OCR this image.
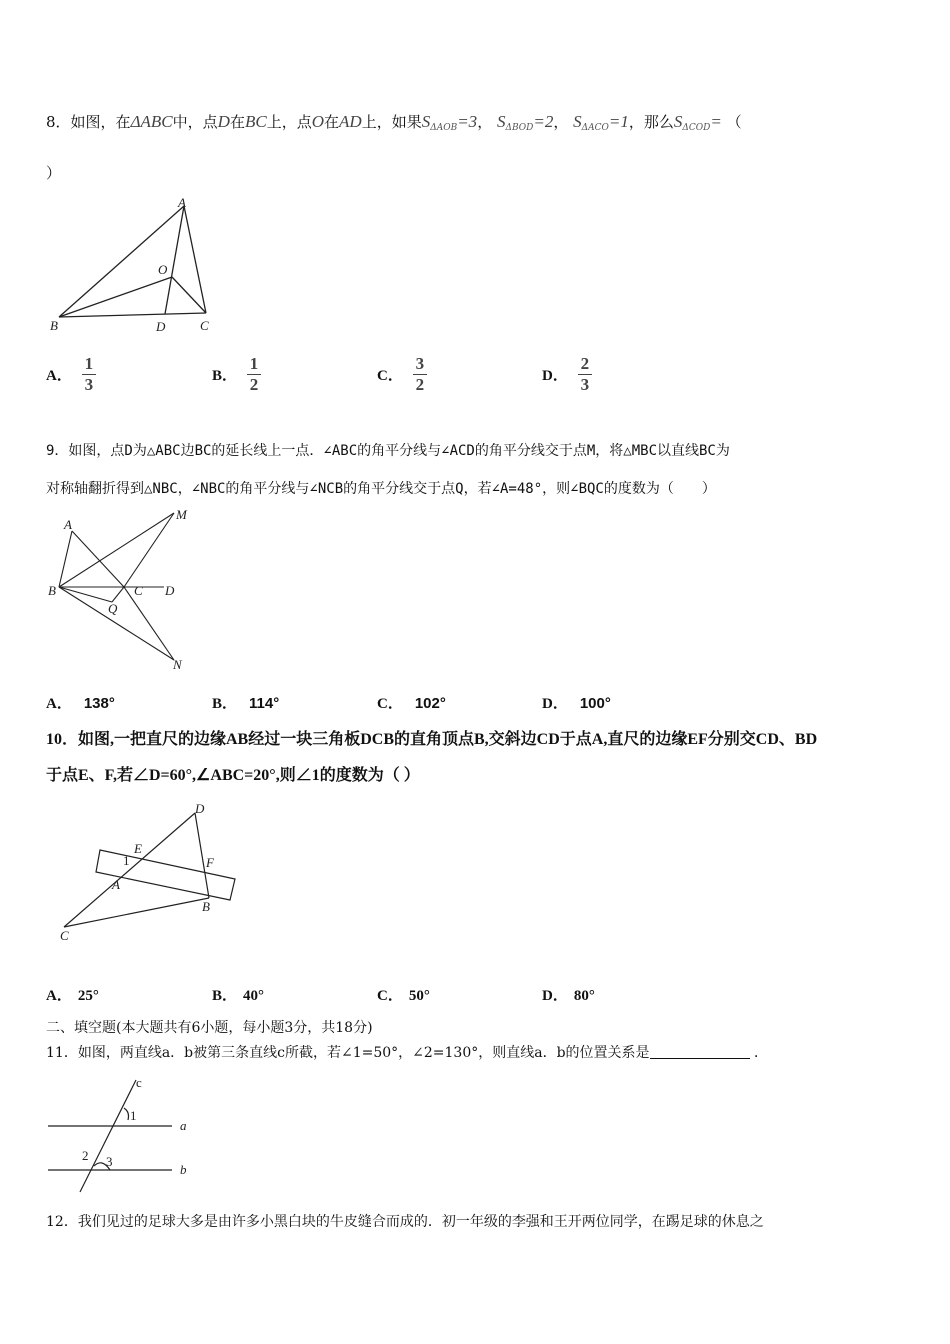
8．如图，在ΔABC中，点D在BC上，点O在AD上，如果$S_{\Delta AOB}=3$， $S_{\Delta BOD}=2$， $S_{\Delta ACO}=1$，那么$S_{\Delta COD}=$ （
）
A
O
B	D	C
A． $\frac{1}{3}$	B． $\frac{1}{2}$	C． $\frac{3}{2}$	D． $\frac{2}{3}$
9．如图，点D为△ABC边BC的延长线上一点．∠ABC的角平分线与∠ACD的角平分线交于点M，将△MBC以直线BC为
对称轴翻折得到△NBC，∠NBC的角平分线与∠NCB的角平分线交于点Q，若∠A=48°，则∠BQC的度数为（　　）
A
M
B	C D
Q
N
A． 138°	B． 114°	C． 102°	D． 100°
10．如图,一把直尺的边缘AB经过一块三角板DCB的直角顶点B,交斜边CD于点A,直尺的边缘EF分别交CD、BD
于点E、F,若∠D=60°,∠ABC=20°,则∠1的度数为（ ）
D
E
F
1
A
B
C
A． 25°	B． 40°	C． 50°	D． 80°
二、填空题(本大题共有6小题，每小题3分，共18分)
11．如图，两直线a．b被第三条直线c所截，若∠1=50°，∠2=130°，则直线a．b的位置关系是	．
c
1
a
2 3
b
12．我们见过的足球大多是由许多小黑白块的牛皮缝合而成的．初一年级的李强和王开两位同学，在踢足球的休息之
